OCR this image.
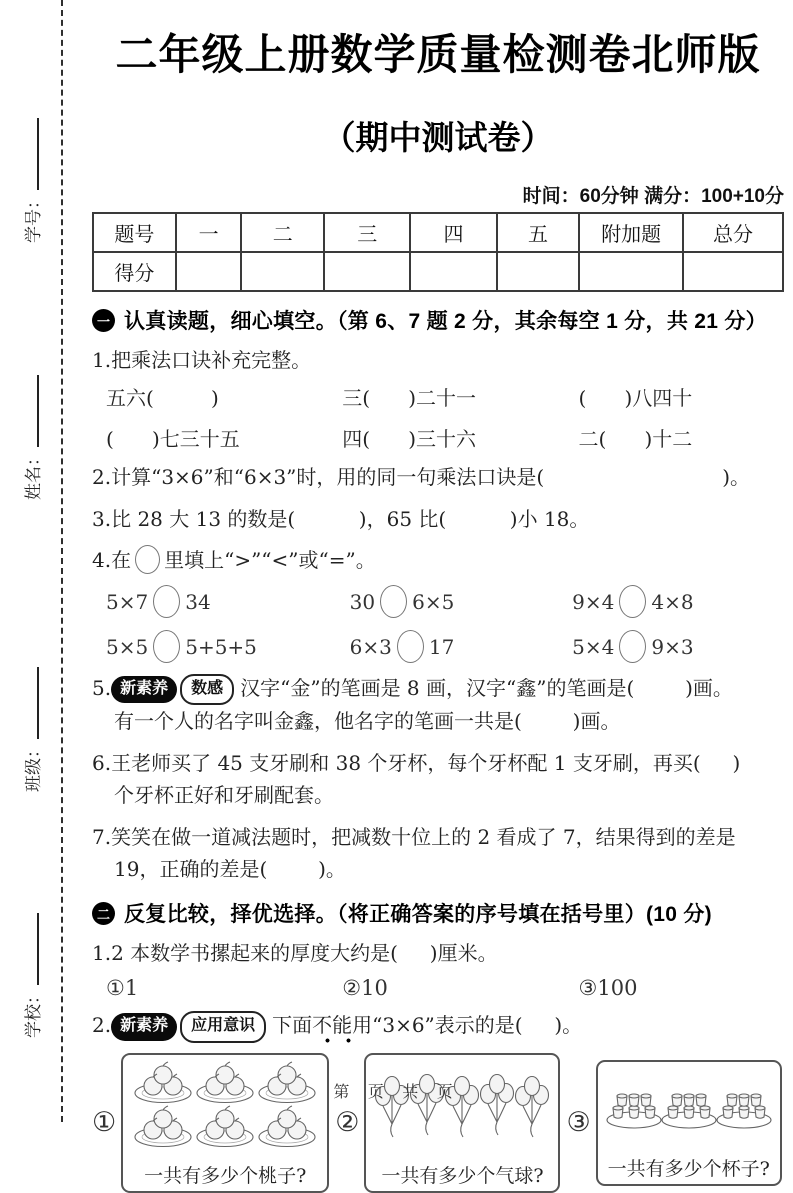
学号：
姓名：
班级：
学校：
二年级上册数学质量检测卷北师版
（期中测试卷）
时间：60分钟 满分：100+10分
题号	一	二	三	四	五	附加题	总分
得分							
一 认真读题，细心填空。（第 6、7 题 2 分，其余每空 1 分，共 21 分）
1.把乘法口诀补充完整。
五六(         )	三(      )二十一	(      )八四十
(      )七三十五	四(      )三十六	二(      )十二
2.计算“3×6”和“6×3”时，用的同一句乘法口诀是(                            )。
3.比 28 大 13 的数是(          )，65 比(          )小 18。
4.在 里填上“>”“<”或“=”。
5×7 34	30 6×5	9×4 4×8
5×5 5+5+5	6×3 17	5×4 9×3
5. 新素养 数感 汉字“金”的笔画是 8 画，汉字“鑫”的笔画是(        )画。
有一个人的名字叫金鑫，他名字的笔画一共是(        )画。
6.王老师买了 45 支牙刷和 38 个牙杯，每个牙杯配 1 支牙刷，再买(     )
个牙杯正好和牙刷配套。
7.笑笑在做一道减法题时，把减数十位上的 2 看成了 7，结果得到的差是
19，正确的差是(        )。
二 反复比较，择优选择。（将正确答案的序号填在括号里）(10 分)
1.2 本数学书摞起来的厚度大约是(     )厘米。
①1	②10	③100
2. 新素养 应用意识 下面不能用“3×6”表示的是(     )。
①
一共有多少个桃子?
②
一共有多少个气球?
③
一共有多少个杯子?
第 页 共 页
